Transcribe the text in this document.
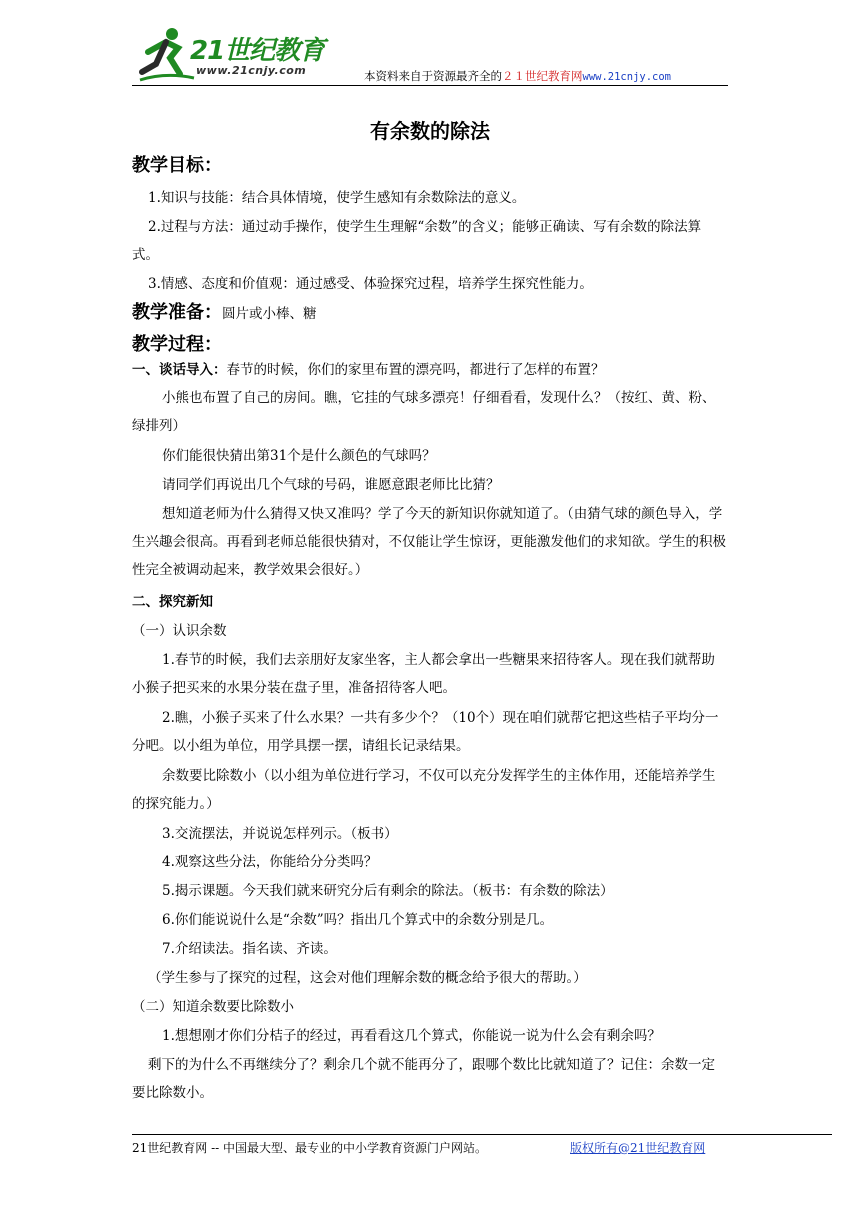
21世纪教育
www.21cnjy.com	本资料来自于资源最齐全的２１世纪教育网www.21cnjy.com
有余数的除法
教学目标：
1.知识与技能：结合具体情境，使学生感知有余数除法的意义。
2.过程与方法：通过动手操作，使学生生理解“余数”的含义；能够正确读、写有余数的除法算式。
3.情感、态度和价值观：通过感受、体验探究过程，培养学生探究性能力。
教学准备：圆片或小棒、糖
教学过程：
一、谈话导入：春节的时候，你们的家里布置的漂亮吗，都进行了怎样的布置？
小熊也布置了自己的房间。瞧，它挂的气球多漂亮！仔细看看，发现什么？（按红、黄、粉、绿排列）
你们能很快猜出第31个是什么颜色的气球吗？
请同学们再说出几个气球的号码，谁愿意跟老师比比猜？
想知道老师为什么猜得又快又准吗？学了今天的新知识你就知道了。（由猜气球的颜色导入，学生兴趣会很高。再看到老师总能很快猜对，不仅能让学生惊讶，更能激发他们的求知欲。学生的积极性完全被调动起来，教学效果会很好。）
二、探究新知
（一）认识余数
1.春节的时候，我们去亲朋好友家坐客，主人都会拿出一些糖果来招待客人。现在我们就帮助小猴子把买来的水果分装在盘子里，准备招待客人吧。
2.瞧，小猴子买来了什么水果？一共有多少个？（10个）现在咱们就帮它把这些桔子平均分一分吧。以小组为单位，用学具摆一摆，请组长记录结果。
余数要比除数小（以小组为单位进行学习，不仅可以充分发挥学生的主体作用，还能培养学生的探究能力。）
3.交流摆法，并说说怎样列示。（板书）
4.观察这些分法，你能给分分类吗？
5.揭示课题。今天我们就来研究分后有剩余的除法。（板书：有余数的除法）
6.你们能说说什么是“余数”吗？指出几个算式中的余数分别是几。
7.介绍读法。指名读、齐读。
（学生参与了探究的过程，这会对他们理解余数的概念给予很大的帮助。）
（二）知道余数要比除数小
1.想想刚才你们分桔子的经过，再看看这几个算式，你能说一说为什么会有剩余吗？
剩下的为什么不再继续分了？剩余几个就不能再分了，跟哪个数比比就知道了？记住：余数一定要比除数小。
21世纪教育网 -- 中国最大型、最专业的中小学教育资源门户网站。	版权所有@21世纪教育网
